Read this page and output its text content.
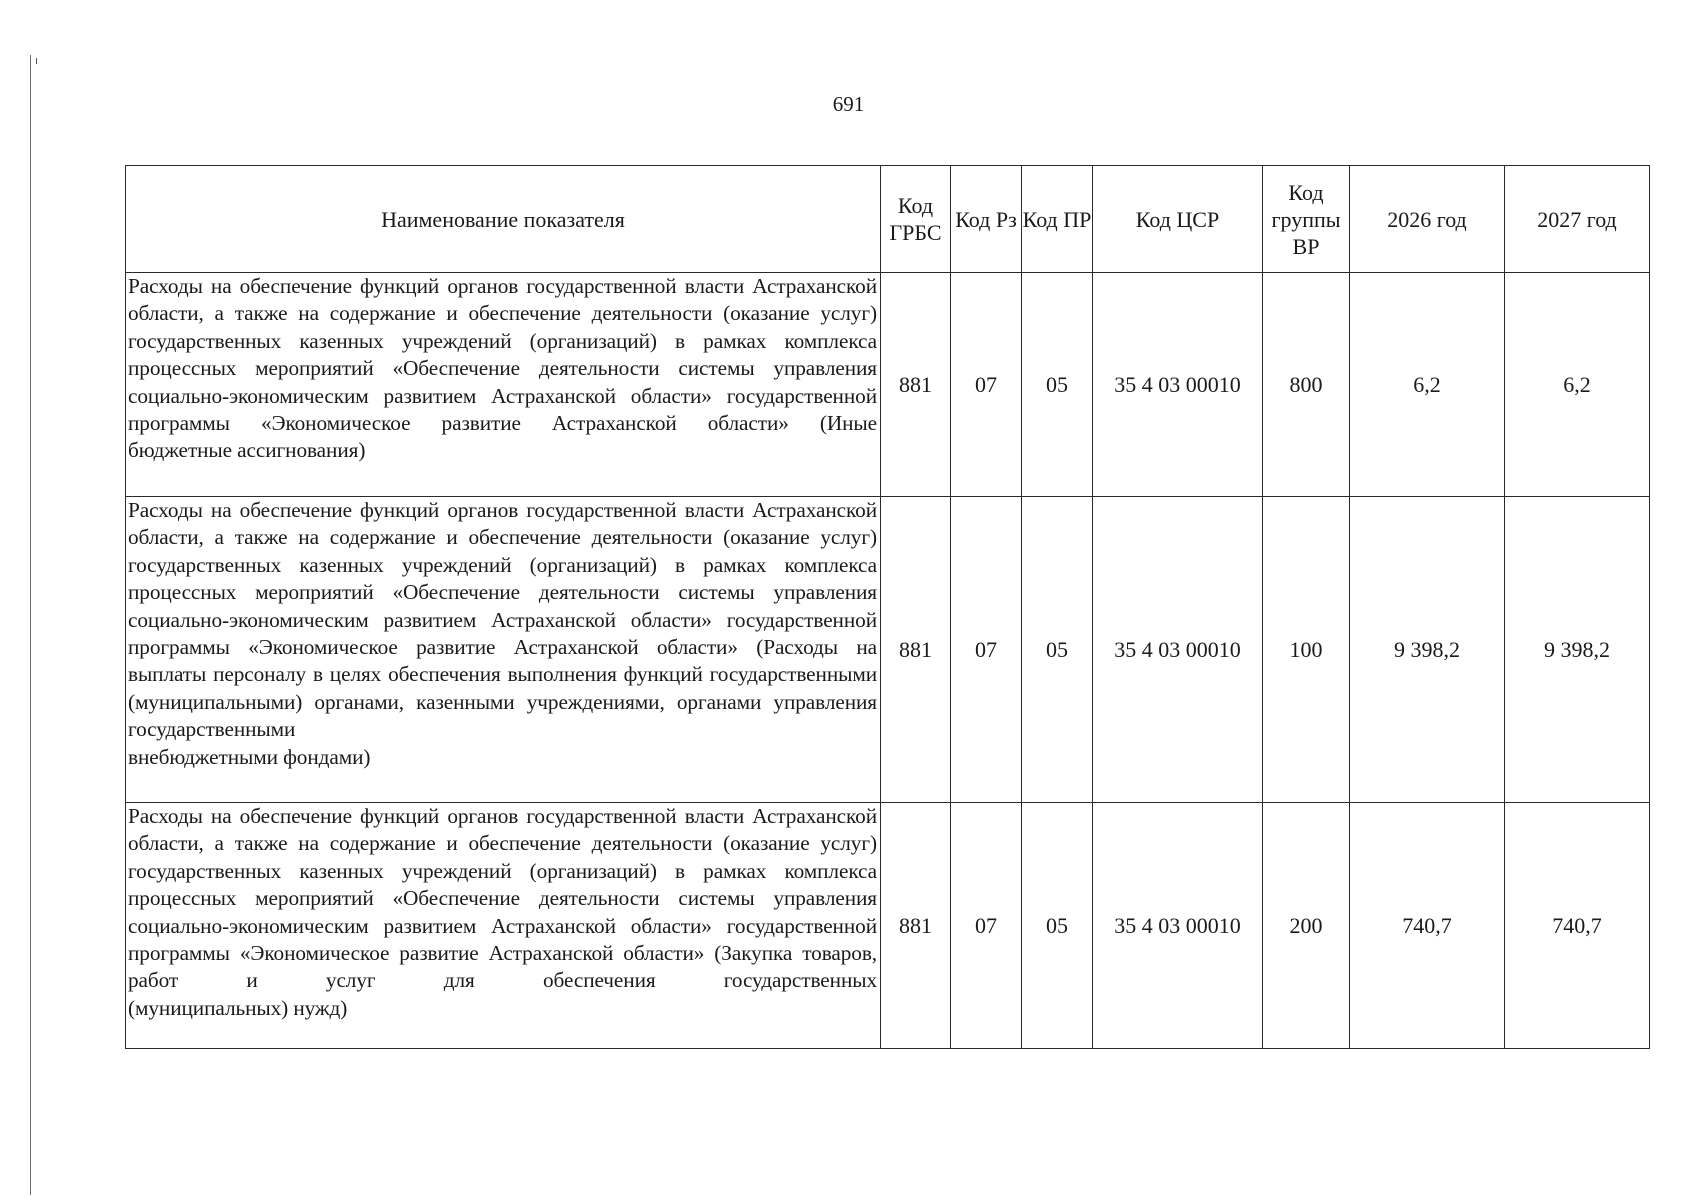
691
Наименование показателя	Код ГРБС	Код Рз	Код ПР	Код ЦСР	Код группы ВР	2026 год	2027 год
Расходы на обеспечение функций органов государственной власти Астраханской области, а также на содержание и обеспечение деятельности (оказание услуг) государственных казенных учреждений (организаций) в рамках комплекса процессных мероприятий «Обеспечение деятельности системы управления социально-экономическим развитием Астраханской области» государственной программы «Экономическое развитие Астраханской области» (Иные
бюджетные ассигнования)	881	07	05	35 4 03 00010	800	6,2	6,2
Расходы на обеспечение функций органов государственной власти Астраханской области, а также на содержание и обеспечение деятельности (оказание услуг) государственных казенных учреждений (организаций) в рамках комплекса процессных мероприятий «Обеспечение деятельности системы управления социально-экономическим развитием Астраханской области» государственной программы «Экономическое развитие Астраханской области» (Расходы на выплаты персоналу в целях обеспечения выполнения функций государственными (муниципальными) органами, казенными учреждениями, органами управления государственными
внебюджетными фондами)	881	07	05	35 4 03 00010	100	9 398,2	9 398,2
Расходы на обеспечение функций органов государственной власти Астраханской области, а также на содержание и обеспечение деятельности (оказание услуг) государственных казенных учреждений (организаций) в рамках комплекса процессных мероприятий «Обеспечение деятельности системы управления социально-экономическим развитием Астраханской области» государственной программы «Экономическое развитие Астраханской области» (Закупка товаров, работ и услуг для обеспечения государственных
(муниципальных) нужд)	881	07	05	35 4 03 00010	200	740,7	740,7
